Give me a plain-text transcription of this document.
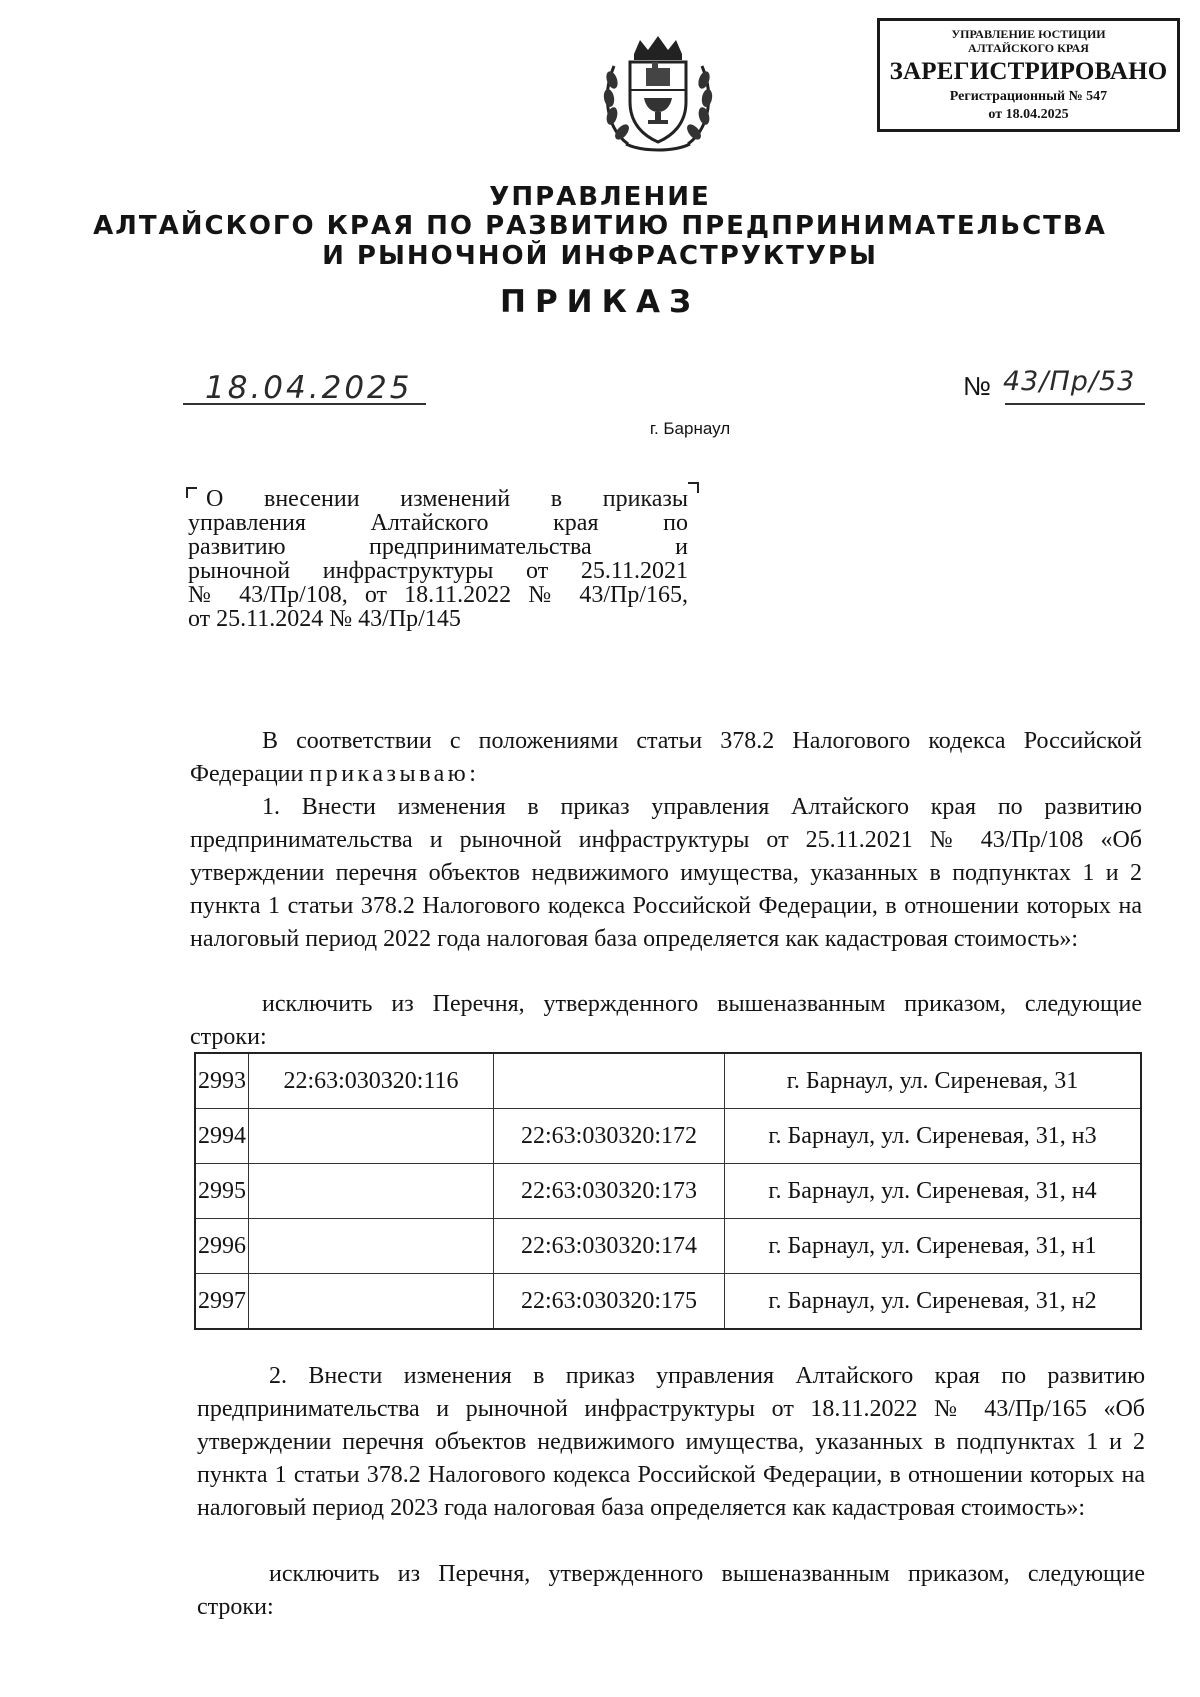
УПРАВЛЕНИЕ ЮСТИЦИИ АЛТАЙСКОГО КРАЯ
ЗАРЕГИСТРИРОВАНО
Регистрационный № 547
от 18.04.2025
УПРАВЛЕНИЕ
АЛТАЙСКОГО КРАЯ ПО РАЗВИТИЮ ПРЕДПРИНИМАТЕЛЬСТВА
И РЫНОЧНОЙ ИНФРАСТРУКТУРЫ
ПРИКАЗ
18.04.2025	№ 43/Пр/53
г. Барнаул
О внесении изменений в приказы
управления Алтайского края по
развитию предпринимательства и
рыночной инфраструктуры от 25.11.2021
№ 43/Пр/108, от 18.11.2022 № 43/Пр/165,
от 25.11.2024 № 43/Пр/145
В соответствии с положениями статьи 378.2 Налогового кодекса Российской Федерации приказываю:
1. Внести изменения в приказ управления Алтайского края по развитию предпринимательства и рыночной инфраструктуры от 25.11.2021 № 43/Пр/108 «Об утверждении перечня объектов недвижимого имущества, указанных в подпунктах 1 и 2 пункта 1 статьи 378.2 Налогового кодекса Российской Федерации, в отношении которых на налоговый период 2022 года налоговая база определяется как кадастровая стоимость»:
исключить из Перечня, утвержденного вышеназванным приказом, следующие строки:
2993	22:63:030320:116		г. Барнаул, ул. Сиреневая, 31
2994		22:63:030320:172	г. Барнаул, ул. Сиреневая, 31, н3
2995		22:63:030320:173	г. Барнаул, ул. Сиреневая, 31, н4
2996		22:63:030320:174	г. Барнаул, ул. Сиреневая, 31, н1
2997		22:63:030320:175	г. Барнаул, ул. Сиреневая, 31, н2
2. Внести изменения в приказ управления Алтайского края по развитию предпринимательства и рыночной инфраструктуры от 18.11.2022 № 43/Пр/165 «Об утверждении перечня объектов недвижимого имущества, указанных в подпунктах 1 и 2 пункта 1 статьи 378.2 Налогового кодекса Российской Федерации, в отношении которых на налоговый период 2023 года налоговая база определяется как кадастровая стоимость»:
исключить из Перечня, утвержденного вышеназванным приказом, следующие строки:
